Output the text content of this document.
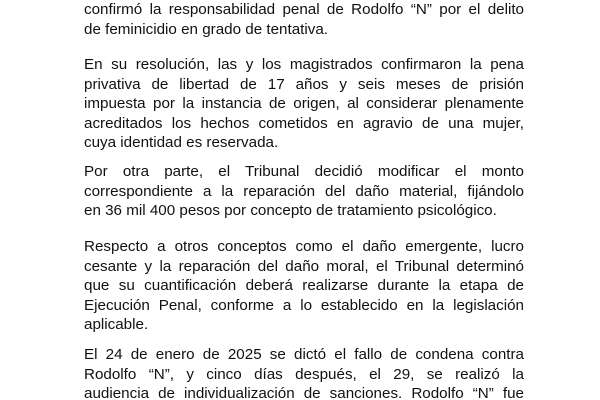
confirmó la responsabilidad penal de Rodolfo “N” por el delito
de feminicidio en grado de tentativa.

En su resolución, las y los magistrados confirmaron la pena
privativa de libertad de 17 años y seis meses de prisión
impuesta por la instancia de origen, al considerar plenamente
acreditados los hechos cometidos en agravio de una mujer,
cuya identidad es reservada.

Por otra parte, el Tribunal decidió modificar el monto
correspondiente a la reparación del daño material, fijándolo
en 36 mil 400 pesos por concepto de tratamiento psicológico.

Respecto a otros conceptos como el daño emergente, lucro
cesante y la reparación del daño moral, el Tribunal determinó
que su cuantificación deberá realizarse durante la etapa de
Ejecución Penal, conforme a lo establecido en la legislación
aplicable.

El 24 de enero de 2025 se dictó el fallo de condena contra
Rodolfo “N”, y cinco días después, el 29, se realizó la
audiencia de individualización de sanciones. Rodolfo “N” fue
